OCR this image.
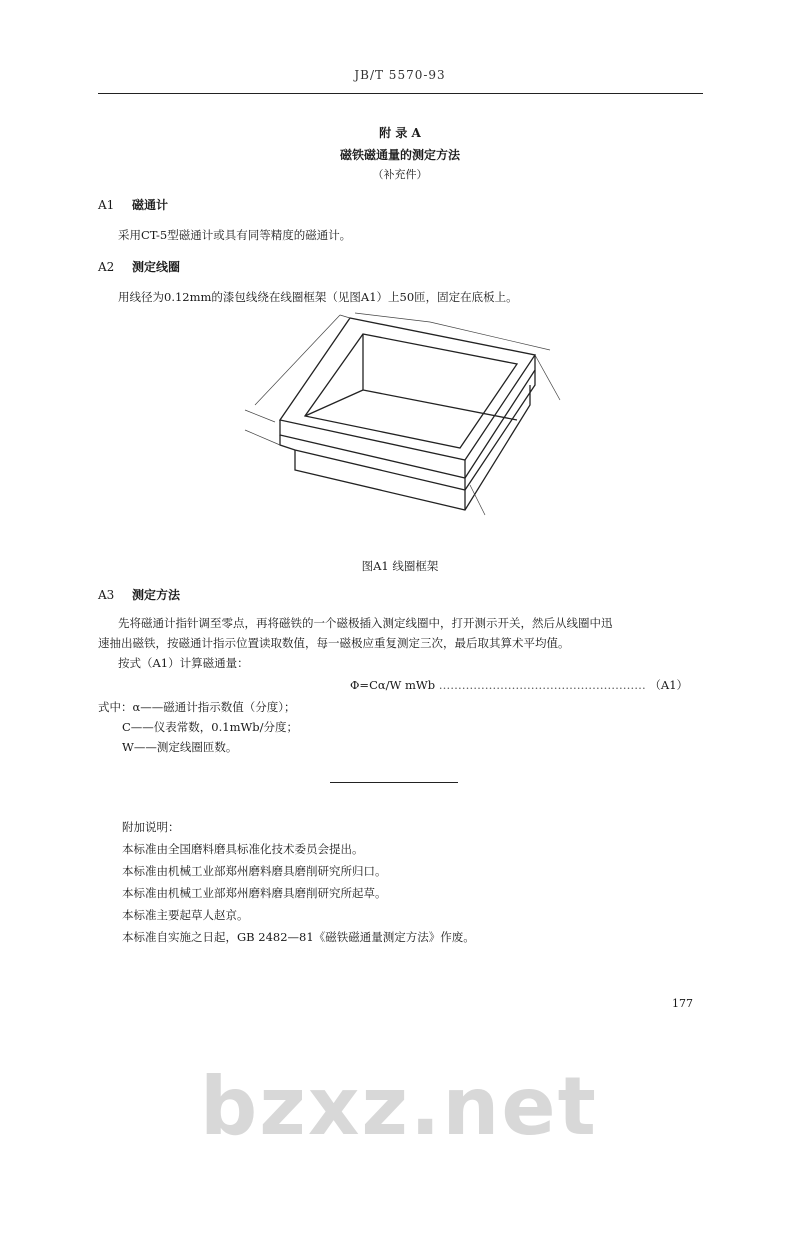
JB/T 5570-93
bzxz.net
附 录 A
磁铁磁通量的测定方法
（补充件）
A1 磁通计
采用CT-5型磁通计或具有同等精度的磁通计。
A2 测定线圈
用线径为0.12mm的漆包线绕在线圈框架（见图A1）上50匝，固定在底板上。
图A1 线圈框架
A3 测定方法
先将磁通计指针调至零点，再将磁铁的一个磁极插入测定线圈中，打开测示开关，然后从线圈中迅
速抽出磁铁，按磁通计指示位置读取数值，每一磁极应重复测定三次，最后取其算术平均值。
按式（A1）计算磁通量：
Φ=Cα/W mWb ……………………………………………… （A1）
式中：α——磁通计指示数值（分度）；
C——仪表常数，0.1mWb/分度；
W——测定线圈匝数。
附加说明：
本标准由全国磨料磨具标准化技术委员会提出。
本标准由机械工业部郑州磨料磨具磨削研究所归口。
本标准由机械工业部郑州磨料磨具磨削研究所起草。
本标准主要起草人赵京。
本标准自实施之日起，GB 2482—81《磁铁磁通量测定方法》作废。
177
